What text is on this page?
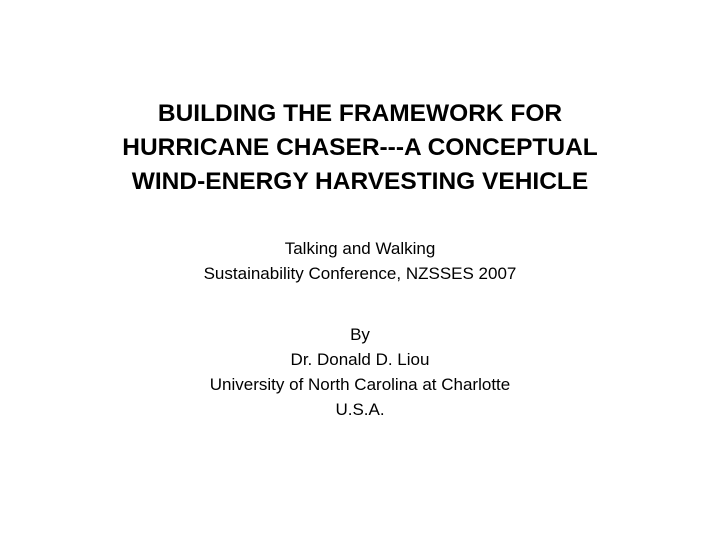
BUILDING THE FRAMEWORK FOR
HURRICANE CHASER---A CONCEPTUAL
WIND-ENERGY HARVESTING VEHICLE
Talking and Walking
Sustainability Conference, NZSSES 2007
By
Dr. Donald D. Liou
University of North Carolina at Charlotte
U.S.A.
